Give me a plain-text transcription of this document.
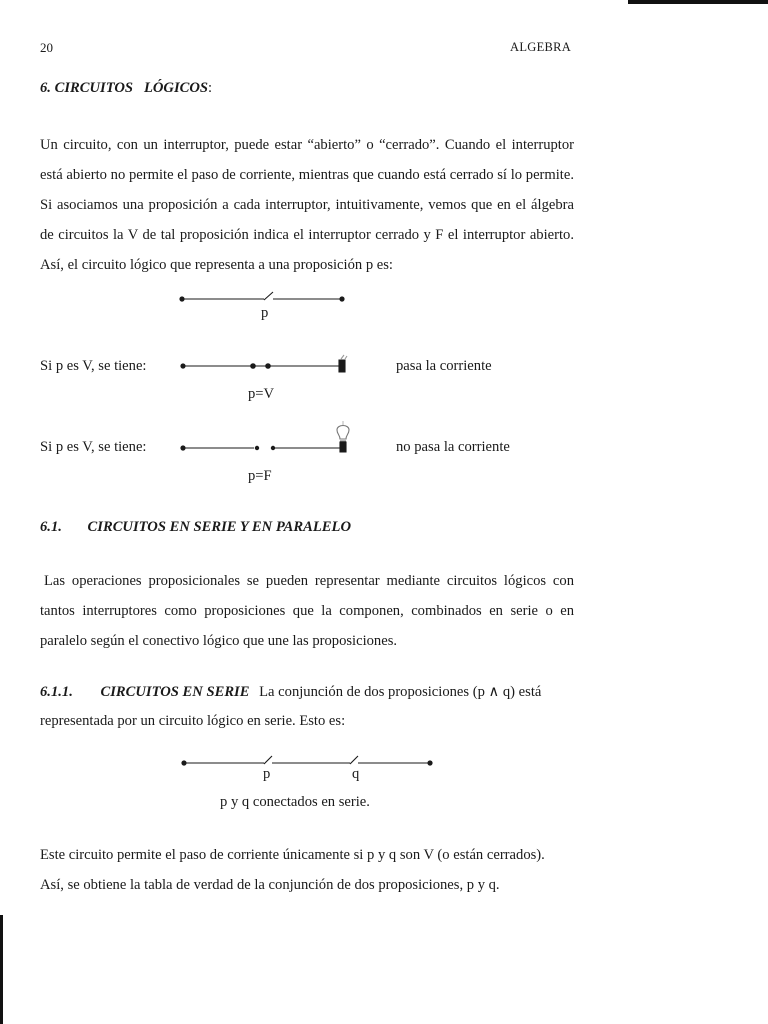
20	ALGEBRA
6. CIRCUITOS   LÓGICOS:

Un circuito, con un interruptor, puede estar “abierto” o “cerrado”. Cuando el interruptor está abierto no permite el paso de corriente, mientras que cuando está cerrado sí lo permite. Si asociamos una proposición a cada interruptor, intuitivamente, vemos que en el álgebra de circuitos la V de tal proposición indica el interruptor cerrado y F el interruptor abierto. Así, el circuito lógico que representa a una proposición p es:

p
Si p es V, se tiene:
p=V
pasa la corriente
Si p es V, se tiene:
p=F
no pasa la corriente
6.1. CIRCUITOS EN SERIE Y EN PARALELO

Las operaciones proposicionales se pueden representar mediante circuitos lógicos con tantos interruptores como proposiciones que la componen, combinados en serie o en paralelo según el conectivo lógico que une las proposiciones.

6.1.1. CIRCUITOS EN SERIE La conjunción de dos proposiciones (p ∧ q) está
representada por un circuito lógico en serie. Esto es:
p	q
p y q conectados en serie.
Este circuito permite el paso de corriente únicamente si p y q son V (o están cerrados).
Así, se obtiene la tabla de verdad de la conjunción de dos proposiciones, p y q.
